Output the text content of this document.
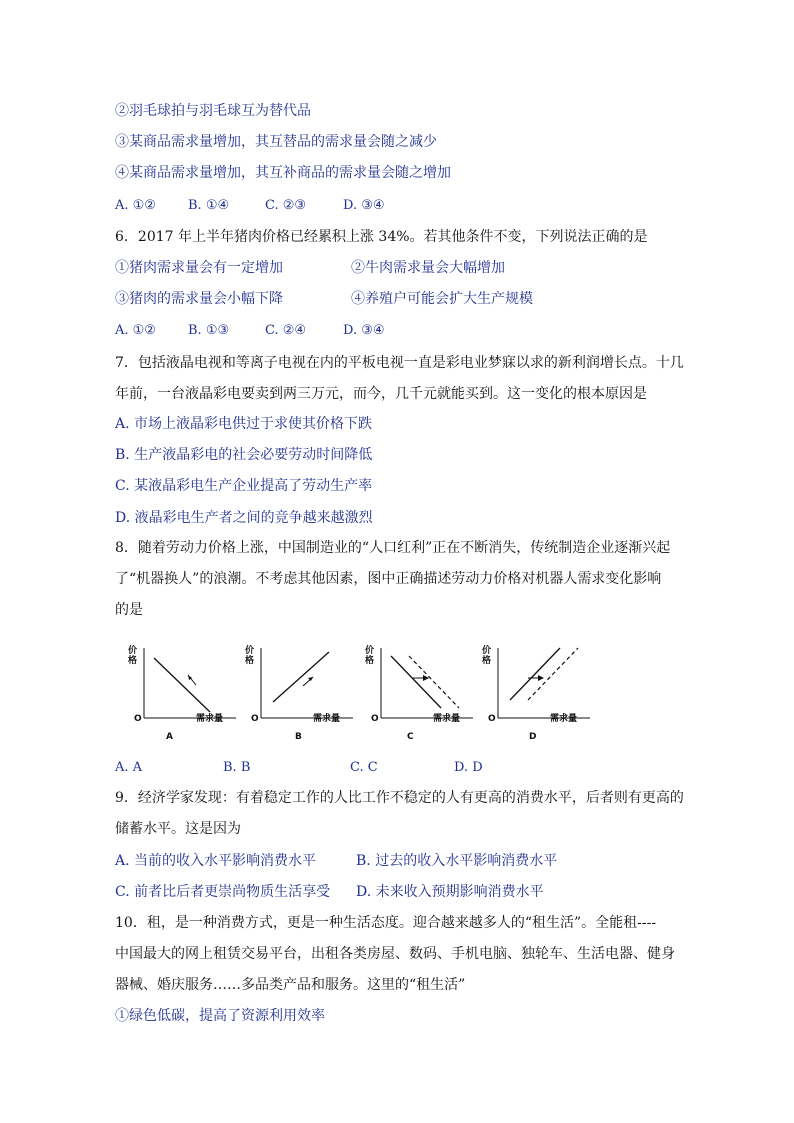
②羽毛球拍与羽毛球互为替代品
③某商品需求量增加，其互替品的需求量会随之减少
④某商品需求量增加，其互补商品的需求量会随之增加
A. ①② B. ①④	C. ②③	D. ③④
6．2017 年上半年猪肉价格已经累积上涨 34%。若其他条件不变，下列说法正确的是
①猪肉需求量会有一定增加	②牛肉需求量会大幅增加
③猪肉的需求量会小幅下降	④养殖户可能会扩大生产规模
A. ①② B. ①③	C. ②④	D. ③④
7．包括液晶电视和等离子电视在内的平板电视一直是彩电业梦寐以求的新利润增长点。十几
年前，一台液晶彩电要卖到两三万元，而今，几千元就能买到。这一变化的根本原因是
A. 市场上液晶彩电供过于求使其价格下跌
B. 生产液晶彩电的社会必要劳动时间降低
C. 某液晶彩电生产企业提高了劳动生产率
D. 液晶彩电生产者之间的竞争越来越激烈
8．随着劳动力价格上涨，中国制造业的“人口红利”正在不断消失，传统制造企业逐渐兴起
了“机器换人”的浪潮。不考虑其他因素，图中正确描述劳动力价格对机器人需求变化影响
的是
价格
O	需求量
A
价格
O	需求量
B
价格
O	需求量
C
价格
O	需求量
D
A. A	B. B	C. C	D. D
9．经济学家发现：有着稳定工作的人比工作不稳定的人有更高的消费水平，后者则有更高的
储蓄水平。这是因为
A. 当前的收入水平影响消费水平	B. 过去的收入水平影响消费水平
C. 前者比后者更崇尚物质生活享受 D. 未来收入预期影响消费水平
10．租，是一种消费方式，更是一种生活态度。迎合越来越多人的“租生活”。全能租----
中国最大的网上租赁交易平台，出租各类房屋、数码、手机电脑、独轮车、生活电器、健身
器械、婚庆服务……多品类产品和服务。这里的“租生活”
①绿色低碳，提高了资源利用效率
